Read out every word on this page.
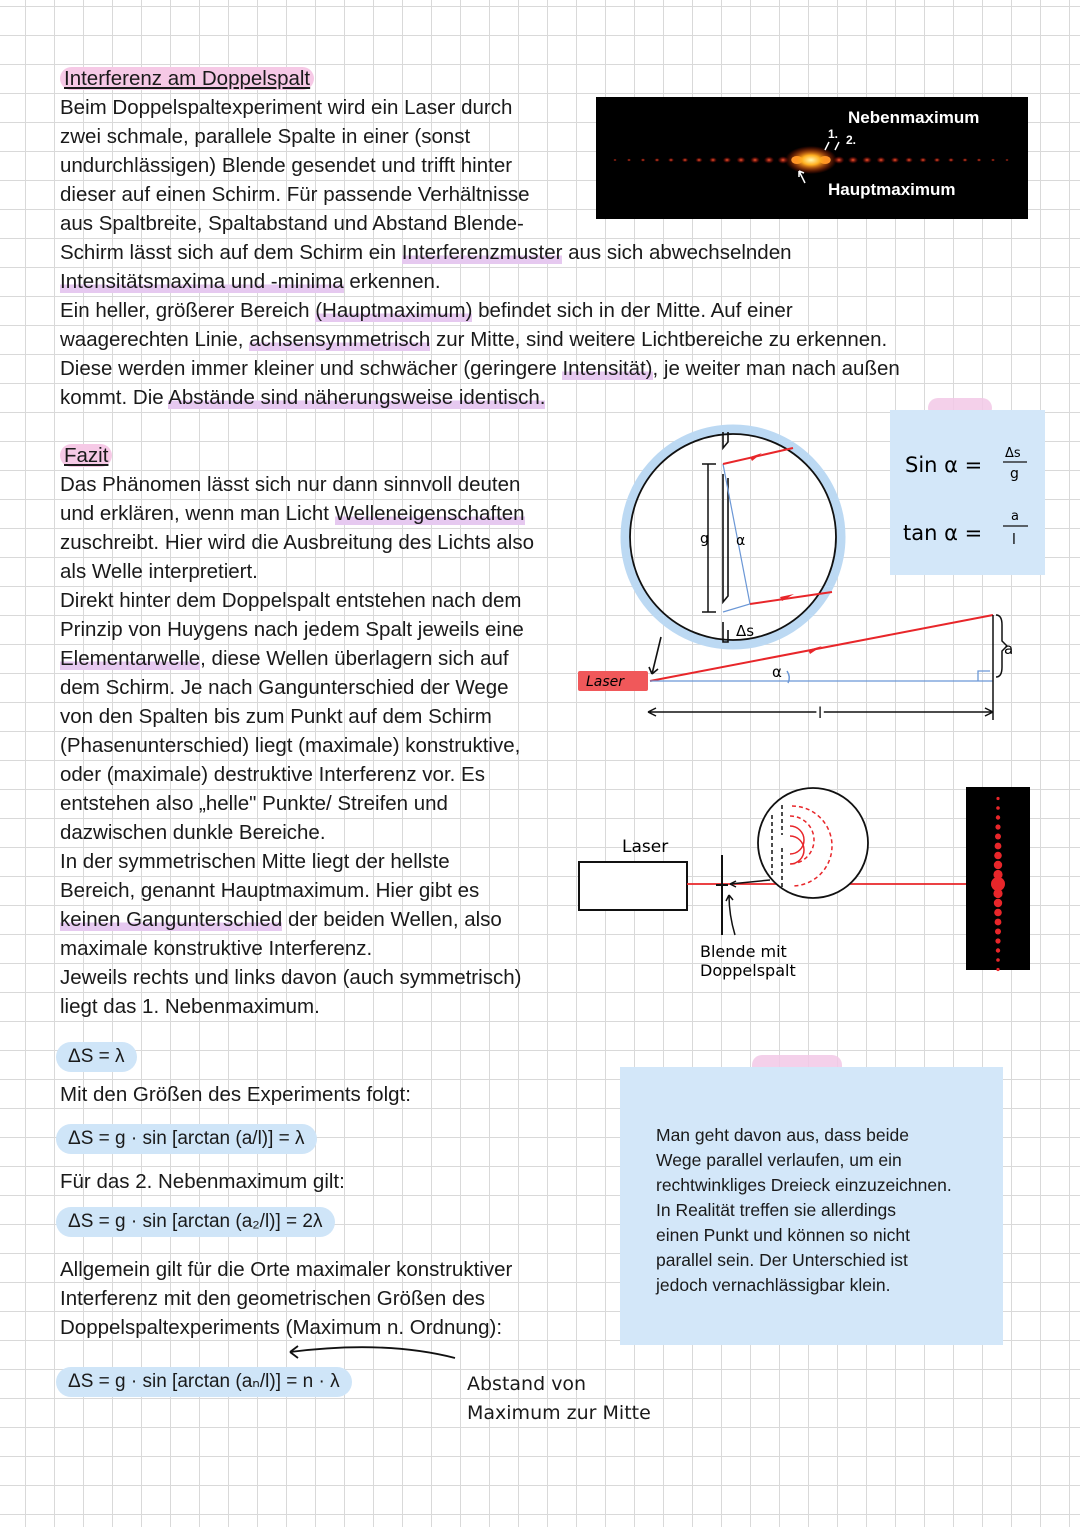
Interferenz am Doppelspalt
Beim Doppelspaltexperiment wird ein Laser durch
zwei schmale, parallele Spalte in einer (sonst
undurchlässigen) Blende gesendet und trifft hinter
dieser auf einen Schirm. Für passende Verhältnisse
aus Spaltbreite, Spaltabstand und Abstand Blende-
Schirm lässt sich auf dem Schirm ein Interferenzmuster aus sich abwechselnden
Intensitätsmaxima und -minima erkennen.
Ein heller, größerer Bereich (Hauptmaximum) befindet sich in der Mitte. Auf einer
waagerechten Linie, achsensymmetrisch zur Mitte, sind weitere Lichtbereiche zu erkennen.
Diese werden immer kleiner und schwächer (geringere Intensität), je weiter man nach außen
kommt. Die Abstände sind näherungsweise identisch.
Nebenmaximum
1. 2.
Hauptmaximum
Fazit
Das Phänomen lässt sich nur dann sinnvoll deuten
und erklären, wenn man Licht Welleneigenschaften
zuschreibt. Hier wird die Ausbreitung des Lichts also
als Welle interpretiert.
Direkt hinter dem Doppelspalt entstehen nach dem
Prinzip von Huygens nach jedem Spalt jeweils eine
Elementarwelle, diese Wellen überlagern sich auf
dem Schirm. Je nach Gangunterschied der Wege
von den Spalten bis zum Punkt auf dem Schirm
(Phasenunterschied) liegt (maximale) konstruktive,
oder (maximale) destruktive Interferenz vor. Es
entstehen also „helle" Punkte/ Streifen und
dazwischen dunkle Bereiche.
In der symmetrischen Mitte liegt der hellste
Bereich, genannt Hauptmaximum. Hier gibt es
keinen Gangunterschied der beiden Wellen, also
maximale konstruktive Interferenz.
Jeweils rechts und links davon (auch symmetrisch)
liegt das 1. Nebenmaximum.
Man geht davon aus, dass beide
Wege parallel verlaufen, um ein
rechtwinkliges Dreieck einzuzeichnen.
In Realität treffen sie allerdings
einen Punkt und können so nicht
parallel sein. Der Unterschied ist
jedoch vernachlässigbar klein.
g α
Δs
Laser
α
a
l
Sin α = Δs
g
tan α =
a
l
Laser
Blende mit
Doppelspalt
ΔS = λ
Mit den Größen des Experiments folgt:
ΔS = g · sin [arctan (a/l)] = λ
Für das 2. Nebenmaximum gilt:
ΔS = g · sin [arctan (a₂/l)] = 2λ
Allgemein gilt für die Orte maximaler konstruktiver
Interferenz mit den geometrischen Größen des
Doppelspaltexperiments (Maximum n. Ordnung):
ΔS = g · sin [arctan (aₙ/l)] = n · λ	Abstand von
Maximum zur Mitte
